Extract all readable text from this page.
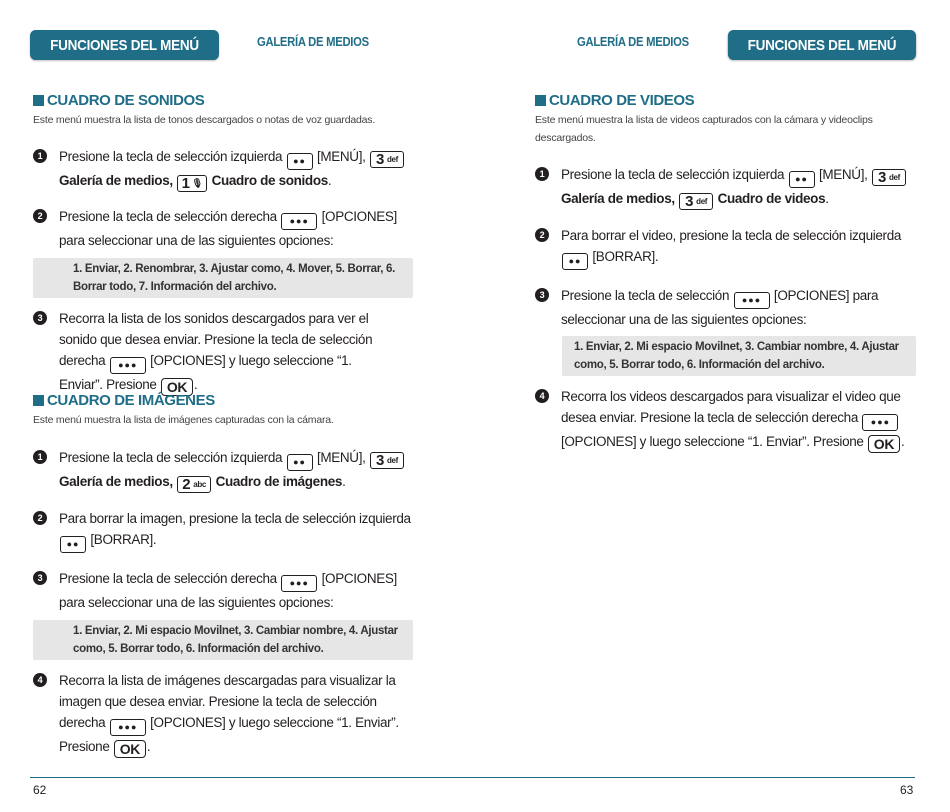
FUNCIONES DEL MENÚ	GALERÍA DE MEDIOS
CUADRO DE SONIDOS
Este menú muestra la lista de tonos descargados o notas de voz guardadas.
1	Presione la tecla de selección izquierda ●● [MENÚ], 3 def

Galería de medios, 1 🎙 Cuadro de sonidos.
2	Presione la tecla de selección derecha ●●● [OPCIONES] para seleccionar una de las siguientes opciones:
1. Enviar, 2. Renombrar, 3. Ajustar como, 4. Mover, 5. Borrar, 6. Borrar todo, 7. Información del archivo.
3	Recorra la lista de los sonidos descargados para ver el sonido que desea enviar. Presione la tecla de selección derecha ●●● [OPCIONES] y luego seleccione “1. Enviar”. Presione OK .
CUADRO DE IMÁGENES
Este menú muestra la lista de imágenes capturadas con la cámara.
1	Presione la tecla de selección izquierda ●● [MENÚ], 3 def

Galería de medios, 2 abc Cuadro de imágenes.
2	Para borrar la imagen, presione la tecla de selección izquierda ●● [BORRAR].
3	Presione la tecla de selección derecha ●●● [OPCIONES] para seleccionar una de las siguientes opciones:
1. Enviar, 2. Mi espacio Movilnet, 3. Cambiar nombre, 4. Ajustar como, 5. Borrar todo, 6. Información del archivo.
4	Recorra la lista de imágenes descargadas para visualizar la imagen que desea enviar. Presione la tecla de selección derecha ●●● [OPCIONES] y luego seleccione “1. Enviar”. Presione OK .
62
GALERÍA DE MEDIOS	FUNCIONES DEL MENÚ
CUADRO DE VIDEOS
Este menú muestra la lista de videos capturados con la cámara y videoclips descargados.
1	Presione la tecla de selección izquierda ●● [MENÚ], 3 def

Galería de medios, 3 def Cuadro de videos.
2	Para borrar el video, presione la tecla de selección izquierda ●● [BORRAR].
3	Presione la tecla de selección ●●● [OPCIONES] para seleccionar una de las siguientes opciones:
1. Enviar, 2. Mi espacio Movilnet, 3. Cambiar nombre, 4. Ajustar como, 5. Borrar todo, 6. Información del archivo.
4	Recorra los videos descargados para visualizar el video que desea enviar. Presione la tecla de selección derecha ●●● [OPCIONES] y luego seleccione “1. Enviar”. Presione OK .
63
